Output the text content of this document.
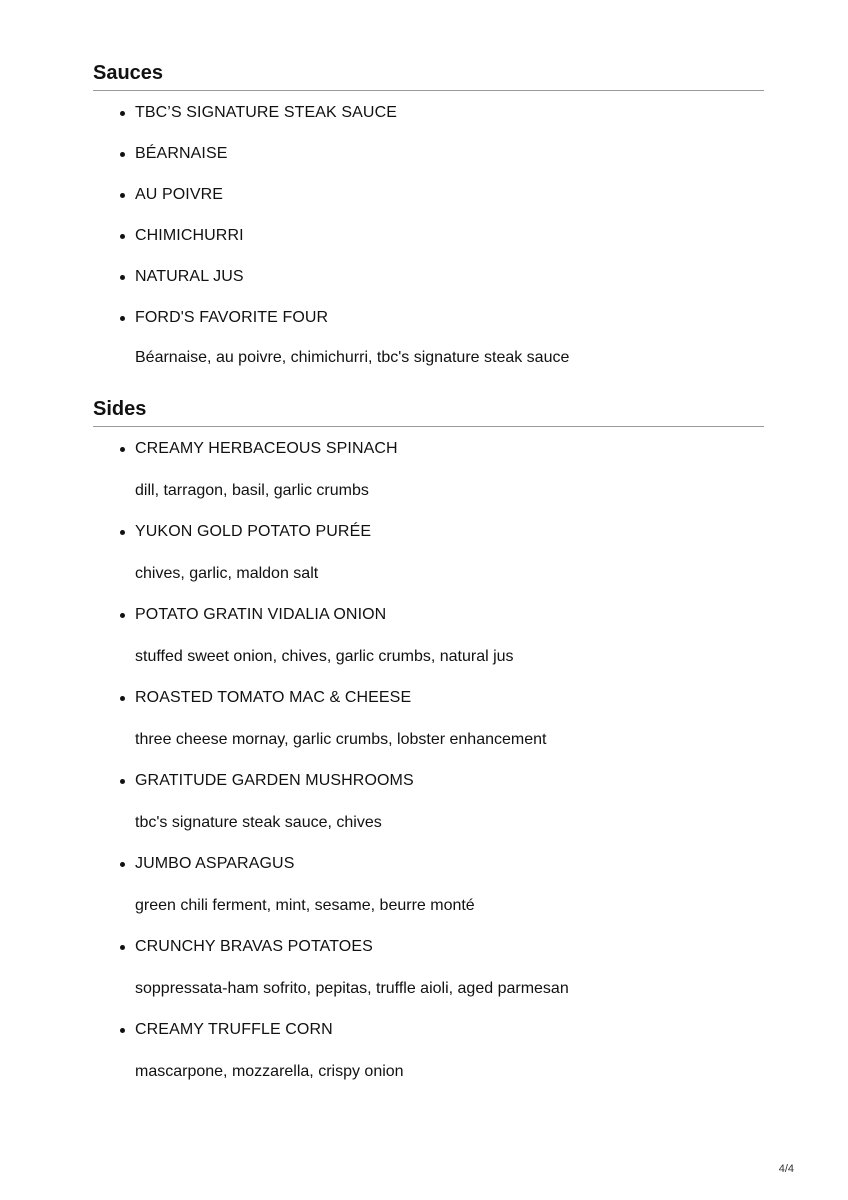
Sauces
TBC’S SIGNATURE STEAK SAUCE
BÉARNAISE
AU POIVRE
CHIMICHURRI
NATURAL JUS
FORD'S FAVORITE FOUR
Béarnaise, au poivre, chimichurri, tbc's signature steak sauce
Sides
CREAMY HERBACEOUS SPINACH
dill, tarragon, basil, garlic crumbs
YUKON GOLD POTATO PURÉE
chives, garlic, maldon salt
POTATO GRATIN VIDALIA ONION
stuffed sweet onion, chives, garlic crumbs, natural jus
ROASTED TOMATO MAC & CHEESE
three cheese mornay, garlic crumbs, lobster enhancement
GRATITUDE GARDEN MUSHROOMS
tbc's signature steak sauce, chives
JUMBO ASPARAGUS
green chili ferment, mint, sesame, beurre monté
CRUNCHY BRAVAS POTATOES
soppressata-ham sofrito, pepitas, truffle aioli, aged parmesan
CREAMY TRUFFLE CORN
mascarpone, mozzarella, crispy onion
4/4
